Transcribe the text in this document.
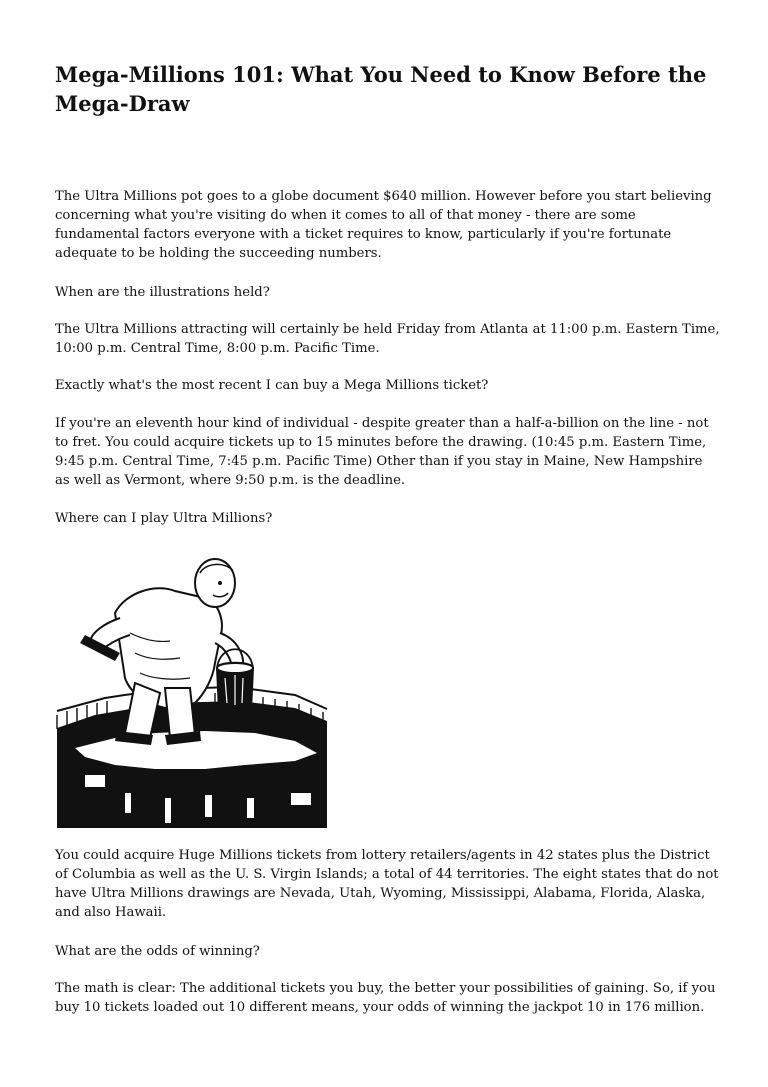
Mega-Millions 101: What You Need to Know Before the Mega-Draw

The Ultra Millions pot goes to a globe document $640 million. However before you start believing concerning what you're visiting do when it comes to all of that money - there are some fundamental factors everyone with a ticket requires to know, particularly if you're fortunate adequate to be holding the succeeding numbers.

When are the illustrations held?

The Ultra Millions attracting will certainly be held Friday from Atlanta at 11:00 p.m. Eastern Time, 10:00 p.m. Central Time, 8:00 p.m. Pacific Time.

Exactly what's the most recent I can buy a Mega Millions ticket?

If you're an eleventh hour kind of individual - despite greater than a half-a-billion on the line - not to fret. You could acquire tickets up to 15 minutes before the drawing. (10:45 p.m. Eastern Time, 9:45 p.m. Central Time, 7:45 p.m. Pacific Time) Other than if you stay in Maine, New Hampshire as well as Vermont, where 9:50 p.m. is the deadline.

Where can I play Ultra Millions?

You could acquire Huge Millions tickets from lottery retailers/agents in 42 states plus the District of Columbia as well as the U. S. Virgin Islands; a total of 44 territories. The eight states that do not have Ultra Millions drawings are Nevada, Utah, Wyoming, Mississippi, Alabama, Florida, Alaska, and also Hawaii.

What are the odds of winning?

The math is clear: The additional tickets you buy, the better your possibilities of gaining. So, if you buy 10 tickets loaded out 10 different means, your odds of winning the jackpot 10 in 176 million.
